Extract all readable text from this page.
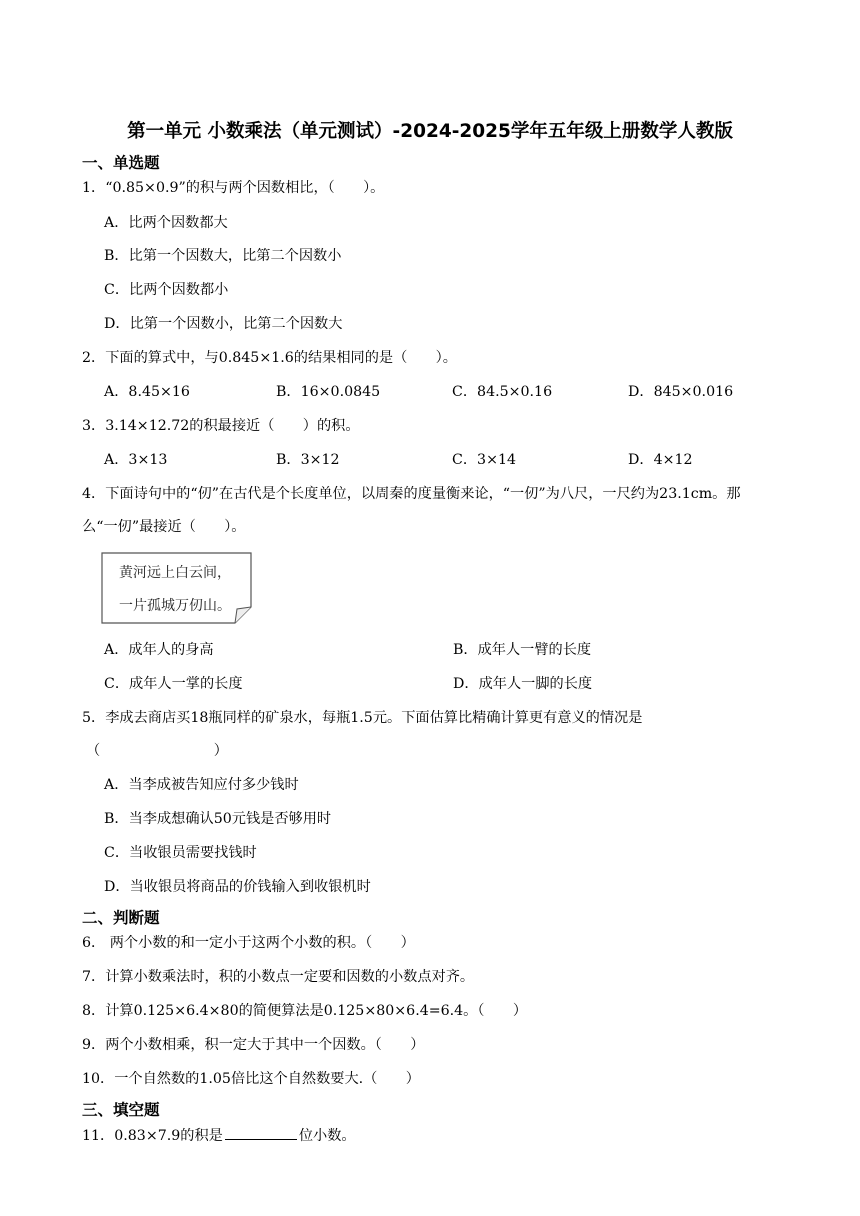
第一单元 小数乘法（单元测试）-2024-2025学年五年级上册数学人教版
一、单选题
1．“0.85×0.9”的积与两个因数相比，（　　）。
A．比两个因数都大
B．比第一个因数大，比第二个因数小
C．比两个因数都小
D．比第一个因数小，比第二个因数大
2．下面的算式中，与0.845×1.6的结果相同的是（　　）。
A．8.45×16	B．16×0.0845	C．84.5×0.16	D．845×0.016
3．3.14×12.72的积最接近（　　）的积。
A．3×13	B．3×12	C．3×14	D．4×12
4．下面诗句中的“仞”在古代是个长度单位，以周秦的度量衡来论，“一仞”为八尺，一尺约为23.1cm。那
么“一仞”最接近（　　）。
黄河远上白云间，
一片孤城万仞山。
A．成年人的身高	B．成年人一臂的长度
C．成年人一掌的长度	D．成年人一脚的长度
5．李成去商店买18瓶同样的矿泉水，每瓶1.5元。下面估算比精确计算更有意义的情况是
（　　　　　　　　）
A．当李成被告知应付多少钱时
B．当李成想确认50元钱是否够用时
C．当收银员需要找钱时
D．当收银员将商品的价钱输入到收银机时
二、判断题
6． 两个小数的和一定小于这两个小数的积。（　　）
7．计算小数乘法时，积的小数点一定要和因数的小数点对齐。
8．计算0.125×6.4×80的简便算法是0.125×80×6.4=6.4。（　　）
9．两个小数相乘，积一定大于其中一个因数。（　　）
10．一个自然数的1.05倍比这个自然数要大.（　　）
三、填空题
11．0.83×7.9的积是	位小数。
